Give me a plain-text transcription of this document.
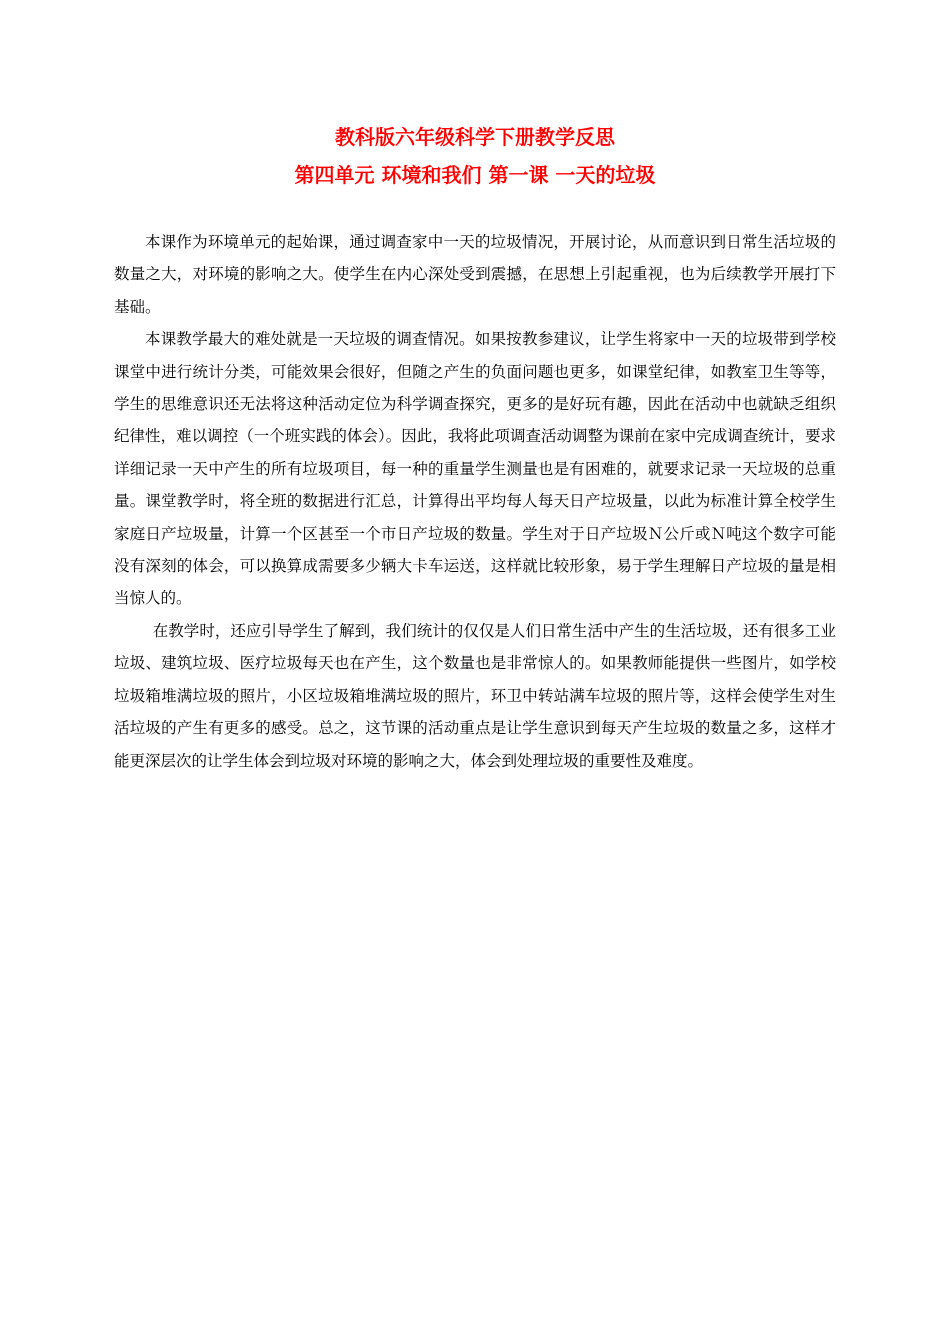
教科版六年级科学下册教学反思
第四单元 环境和我们 第一课 一天的垃圾

本课作为环境单元的起始课，通过调查家中一天的垃圾情况，开展讨论，从而意识到日常生活垃圾的数量之大，对环境的影响之大。使学生在内心深处受到震撼，在思想上引起重视，也为后续教学开展打下基础。

本课教学最大的难处就是一天垃圾的调查情况。如果按教参建议，让学生将家中一天的垃圾带到学校课堂中进行统计分类，可能效果会很好，但随之产生的负面问题也更多，如课堂纪律，如教室卫生等等，学生的思维意识还无法将这种活动定位为科学调查探究，更多的是好玩有趣，因此在活动中也就缺乏组织纪律性，难以调控（一个班实践的体会）。因此，我将此项调查活动调整为课前在家中完成调查统计，要求详细记录一天中产生的所有垃圾项目，每一种的重量学生测量也是有困难的，就要求记录一天垃圾的总重量。课堂教学时，将全班的数据进行汇总，计算得出平均每人每天日产垃圾量，以此为标准计算全校学生家庭日产垃圾量，计算一个区甚至一个市日产垃圾的数量。学生对于日产垃圾Ｎ公斤或Ｎ吨这个数字可能没有深刻的体会，可以换算成需要多少辆大卡车运送，这样就比较形象，易于学生理解日产垃圾的量是相当惊人的。

在教学时，还应引导学生了解到，我们统计的仅仅是人们日常生活中产生的生活垃圾，还有很多工业垃圾、建筑垃圾、医疗垃圾每天也在产生，这个数量也是非常惊人的。如果教师能提供一些图片，如学校垃圾箱堆满垃圾的照片，小区垃圾箱堆满垃圾的照片，环卫中转站满车垃圾的照片等，这样会使学生对生活垃圾的产生有更多的感受。总之，这节课的活动重点是让学生意识到每天产生垃圾的数量之多，这样才能更深层次的让学生体会到垃圾对环境的影响之大，体会到处理垃圾的重要性及难度。
